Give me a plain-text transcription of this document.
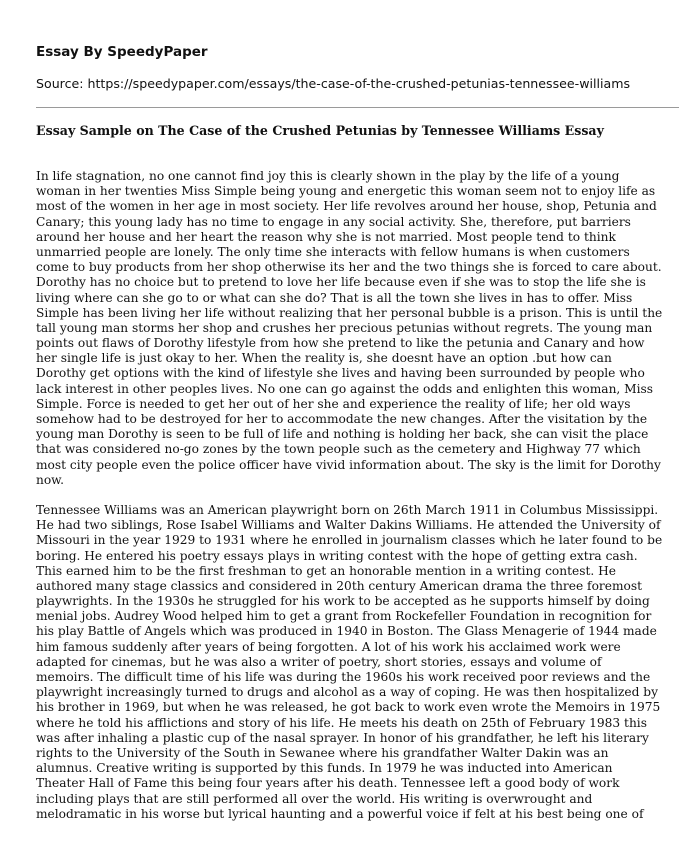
Essay By SpeedyPaper
Source: https://speedypaper.com/essays/the-case-of-the-crushed-petunias-tennessee-williams
Essay Sample on The Case of the Crushed Petunias by Tennessee Williams Essay
In life stagnation, no one cannot find joy this is clearly shown in the play by the life of a young
woman in her twenties Miss Simple being young and energetic this woman seem not to enjoy life as
most of the women in her age in most society. Her life revolves around her house, shop, Petunia and
Canary; this young lady has no time to engage in any social activity. She, therefore, put barriers
around her house and her heart the reason why she is not married. Most people tend to think
unmarried people are lonely. The only time she interacts with fellow humans is when customers
come to buy products from her shop otherwise its her and the two things she is forced to care about.
Dorothy has no choice but to pretend to love her life because even if she was to stop the life she is
living where can she go to or what can she do? That is all the town she lives in has to offer. Miss
Simple has been living her life without realizing that her personal bubble is a prison. This is until the
tall young man storms her shop and crushes her precious petunias without regrets. The young man
points out flaws of Dorothy lifestyle from how she pretend to like the petunia and Canary and how
her single life is just okay to her. When the reality is, she doesnt have an option .but how can
Dorothy get options with the kind of lifestyle she lives and having been surrounded by people who
lack interest in other peoples lives. No one can go against the odds and enlighten this woman, Miss
Simple. Force is needed to get her out of her she and experience the reality of life; her old ways
somehow had to be destroyed for her to accommodate the new changes. After the visitation by the
young man Dorothy is seen to be full of life and nothing is holding her back, she can visit the place
that was considered no-go zones by the town people such as the cemetery and Highway 77 which
most city people even the police officer have vivid information about. The sky is the limit for Dorothy
now.
Tennessee Williams was an American playwright born on 26th March 1911 in Columbus Mississippi.
He had two siblings, Rose Isabel Williams and Walter Dakins Williams. He attended the University of
Missouri in the year 1929 to 1931 where he enrolled in journalism classes which he later found to be
boring. He entered his poetry essays plays in writing contest with the hope of getting extra cash.
This earned him to be the first freshman to get an honorable mention in a writing contest. He
authored many stage classics and considered in 20th century American drama the three foremost
playwrights. In the 1930s he struggled for his work to be accepted as he supports himself by doing
menial jobs. Audrey Wood helped him to get a grant from Rockefeller Foundation in recognition for
his play Battle of Angels which was produced in 1940 in Boston. The Glass Menagerie of 1944 made
him famous suddenly after years of being forgotten. A lot of his work his acclaimed work were
adapted for cinemas, but he was also a writer of poetry, short stories, essays and volume of
memoirs. The difficult time of his life was during the 1960s his work received poor reviews and the
playwright increasingly turned to drugs and alcohol as a way of coping. He was then hospitalized by
his brother in 1969, but when he was released, he got back to work even wrote the Memoirs in 1975
where he told his afflictions and story of his life. He meets his death on 25th of February 1983 this
was after inhaling a plastic cup of the nasal sprayer. In honor of his grandfather, he left his literary
rights to the University of the South in Sewanee where his grandfather Walter Dakin was an
alumnus. Creative writing is supported by this funds. In 1979 he was inducted into American
Theater Hall of Fame this being four years after his death. Tennessee left a good body of work
including plays that are still performed all over the world. His writing is overwrought and
melodramatic in his worse but lyrical haunting and a powerful voice if felt at his best being one of
